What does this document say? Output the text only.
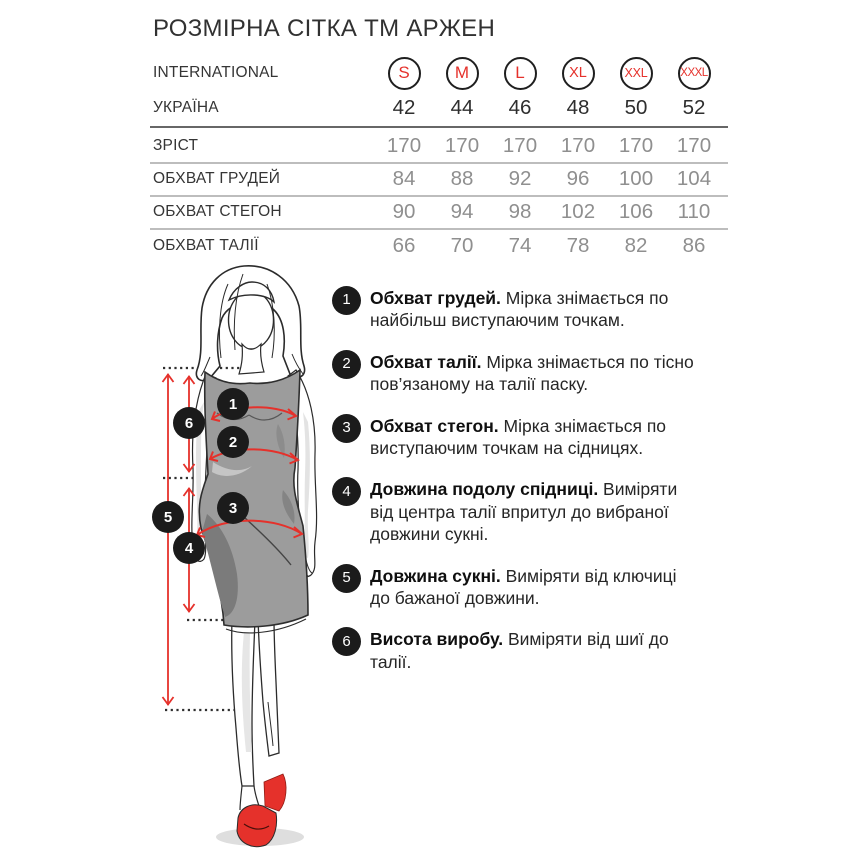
РОЗМІРНА СІТКА ТМ АРЖЕН
INTERNATIONAL	S	M	L	XL	XXL	XXXL
УКРАЇНА	42	44	46	48	50	52
ЗРІСТ	170	170	170	170	170	170
ОБХВАТ ГРУДЕЙ	84	88	92	96	100	104
ОБХВАТ СТЕГОН	90	94	98	102	106	110
ОБХВАТ ТАЛІЇ	66	70	74	78	82	86
1
2
3
4
5
6
1	Обхват грудей. Мірка знімається по найбільш виступаючим точкам.
2	Обхват талії. Мірка знімається по тісно пов’язаному на талії паску.
3	Обхват стегон. Мірка знімається по виступаючим точкам на сідницях.
4	Довжина подолу спідниці. Виміряти від центра талії впритул до вибраної довжини сукні.
5	Довжина сукні. Виміряти від ключиці до бажаної довжини.
6	Висота виробу. Виміряти від шиї до талії.
